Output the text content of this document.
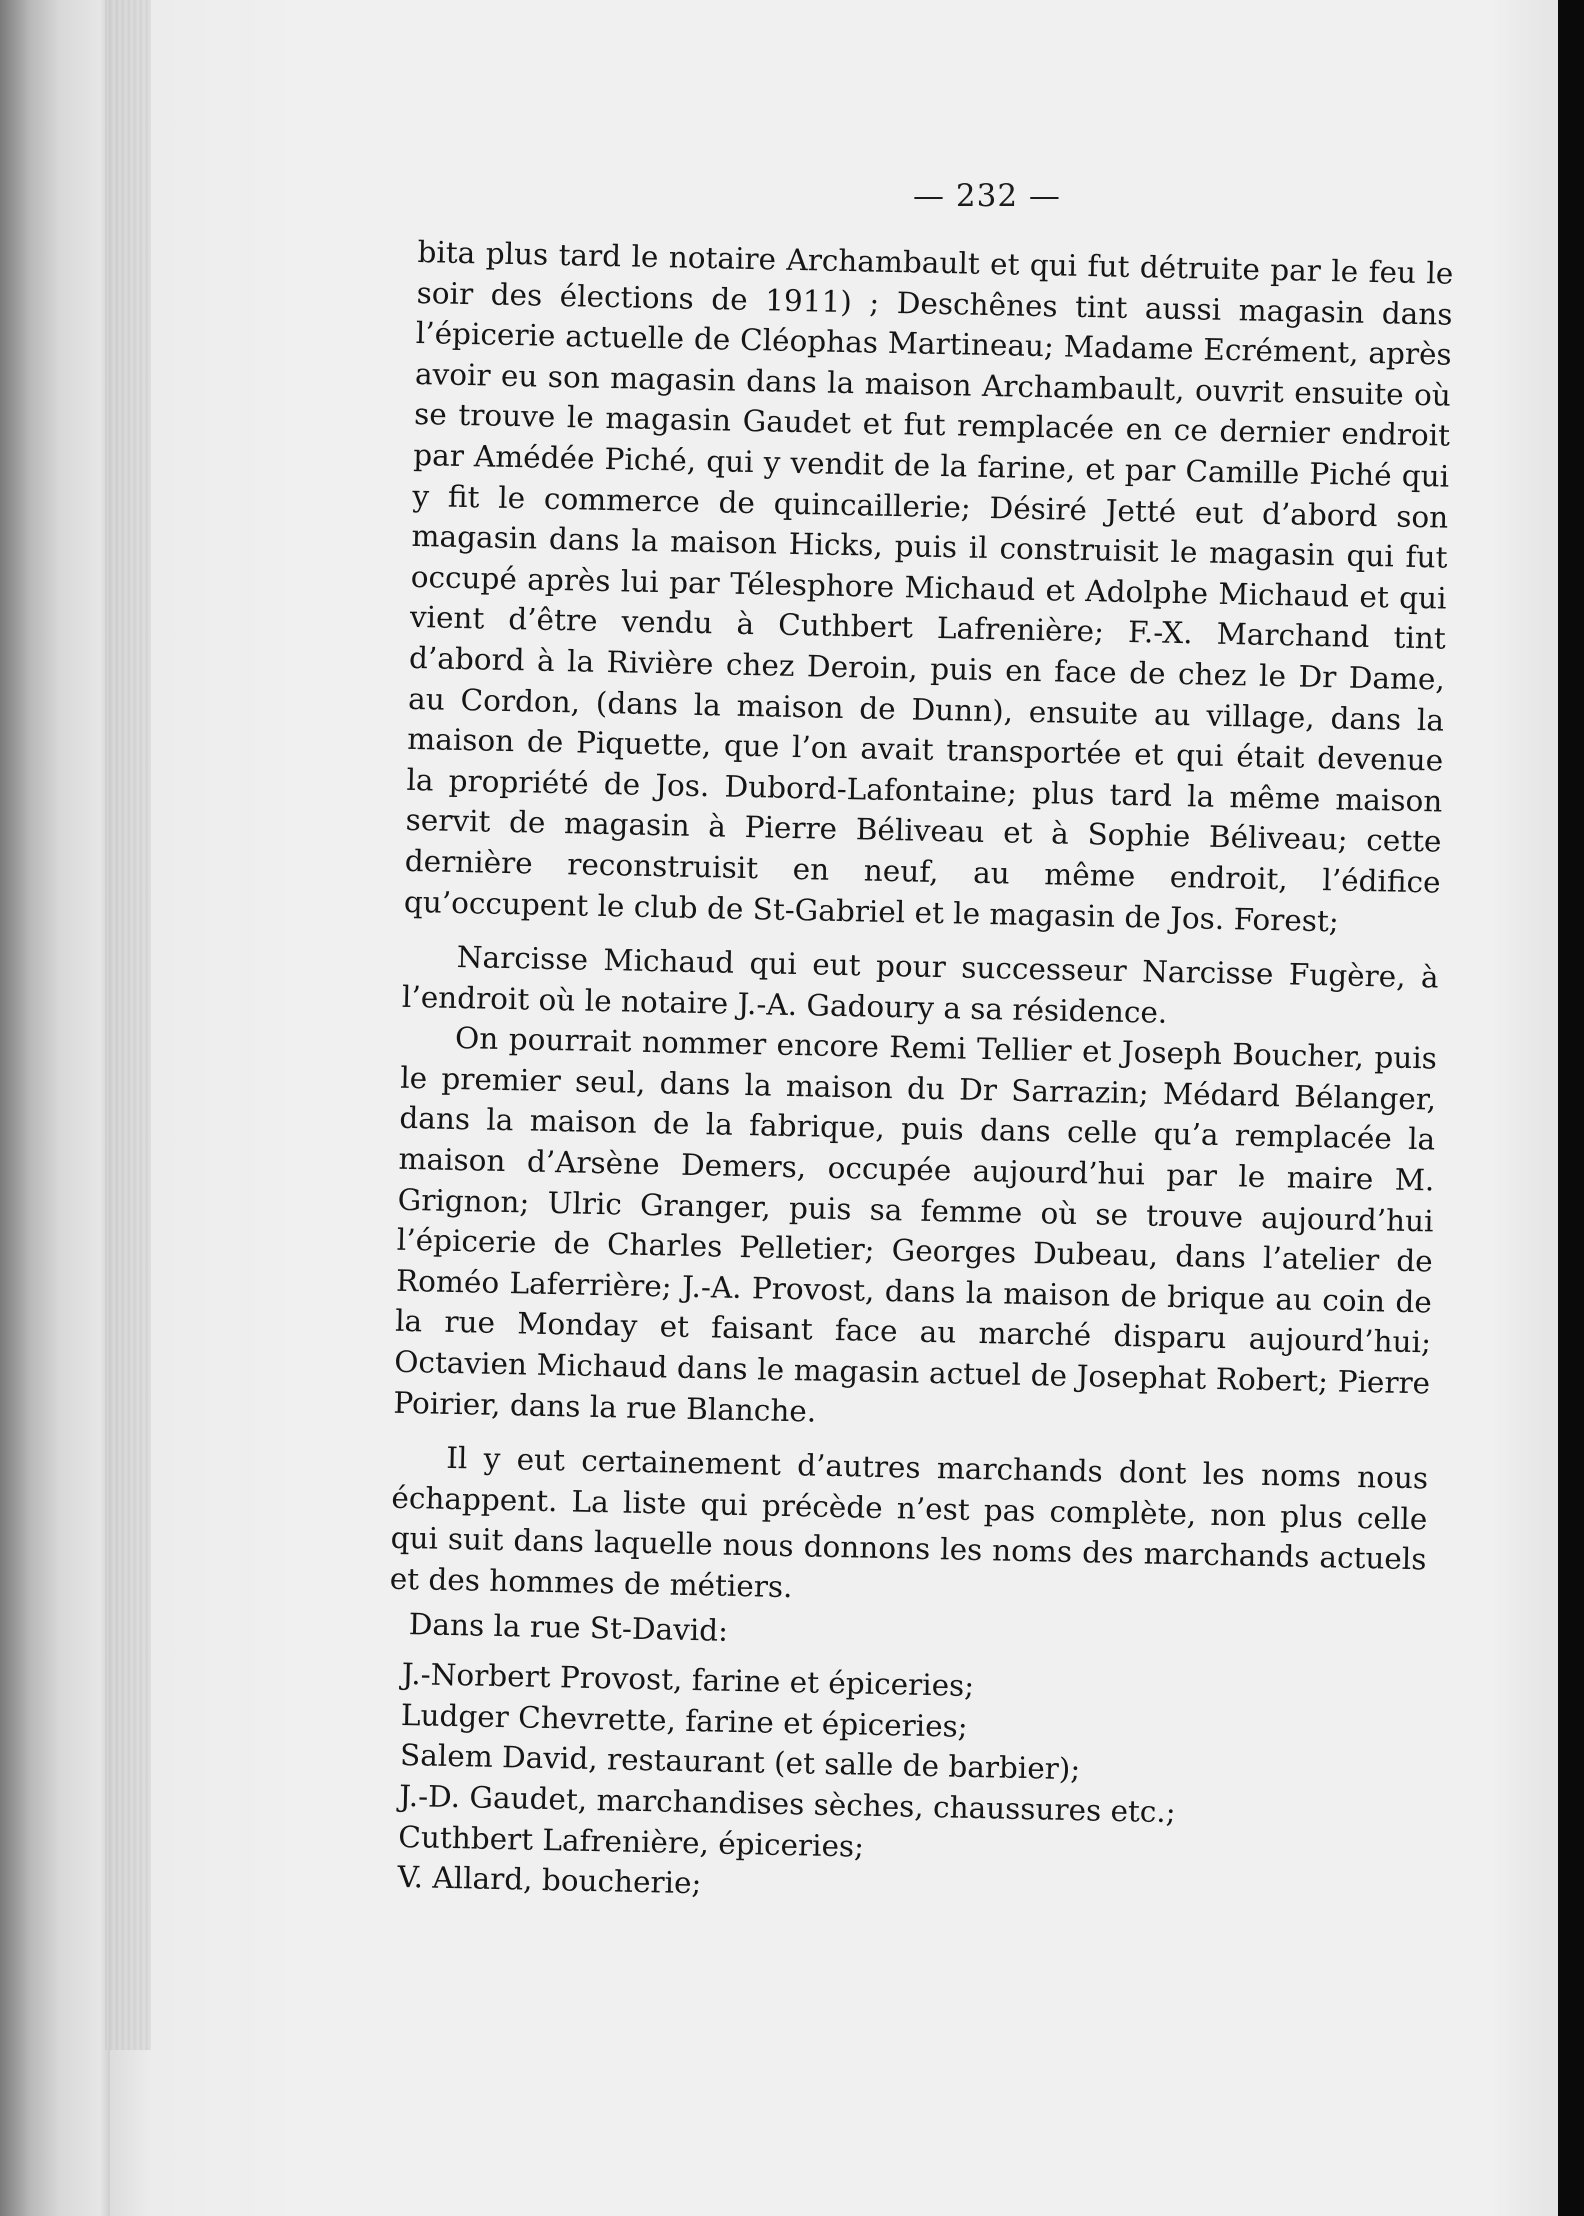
— 232 —

bita plus tard le notaire Archambault et qui fut détruite par le feu le soir des élections de 1911) ; Deschênes tint aussi magasin dans l’épicerie actuelle de Cléophas Martineau; Madame Ecrément, après avoir eu son magasin dans la maison Archambault, ouvrit ensuite où se trouve le magasin Gaudet et fut remplacée en ce dernier endroit par Amédée Piché, qui y vendit de la farine, et par Camille Piché qui y fit le commerce de quincaillerie; Désiré Jetté eut d’abord son magasin dans la maison Hicks, puis il construisit le magasin qui fut occupé après lui par Télesphore Michaud et Adolphe Michaud et qui vient d’être vendu à Cuthbert Lafrenière; F.-X. Marchand tint d’abord à la Rivière chez Deroin, puis en face de chez le Dr Dame, au Cordon, (dans la maison de Dunn), ensuite au village, dans la maison de Piquette, que l’on avait transportée et qui était devenue la propriété de Jos. Dubord-Lafontaine; plus tard la même maison servit de magasin à Pierre Béliveau et à Sophie Béliveau; cette dernière reconstruisit en neuf, au même endroit, l’édifice qu’occupent le club de St-Gabriel et le magasin de Jos. Forest;

Narcisse Michaud qui eut pour successeur Narcisse Fugère, à l’endroit où le notaire J.-A. Gadoury a sa résidence.

On pourrait nommer encore Remi Tellier et Joseph Boucher, puis le premier seul, dans la maison du Dr Sarrazin; Médard Bélanger, dans la maison de la fabrique, puis dans celle qu’a remplacée la maison d’Arsène Demers, occupée aujourd’hui par le maire M. Grignon; Ulric Granger, puis sa femme où se trouve aujourd’hui l’épicerie de Charles Pelletier; Georges Dubeau, dans l’atelier de Roméo Laferrière; J.-A. Provost, dans la maison de brique au coin de la rue Monday et faisant face au marché disparu aujourd’hui; Octavien Michaud dans le magasin actuel de Josephat Robert; Pierre Poirier, dans la rue Blanche.

Il y eut certainement d’autres marchands dont les noms nous échappent. La liste qui précède n’est pas complète, non plus celle qui suit dans laquelle nous donnons les noms des marchands actuels et des hommes de métiers.

Dans la rue St-David:

J.-Norbert Provost, farine et épiceries;
Ludger Chevrette, farine et épiceries;
Salem David, restaurant (et salle de barbier);
J.-D. Gaudet, marchandises sèches, chaussures etc.;
Cuthbert Lafrenière, épiceries;
V. Allard, boucherie;
